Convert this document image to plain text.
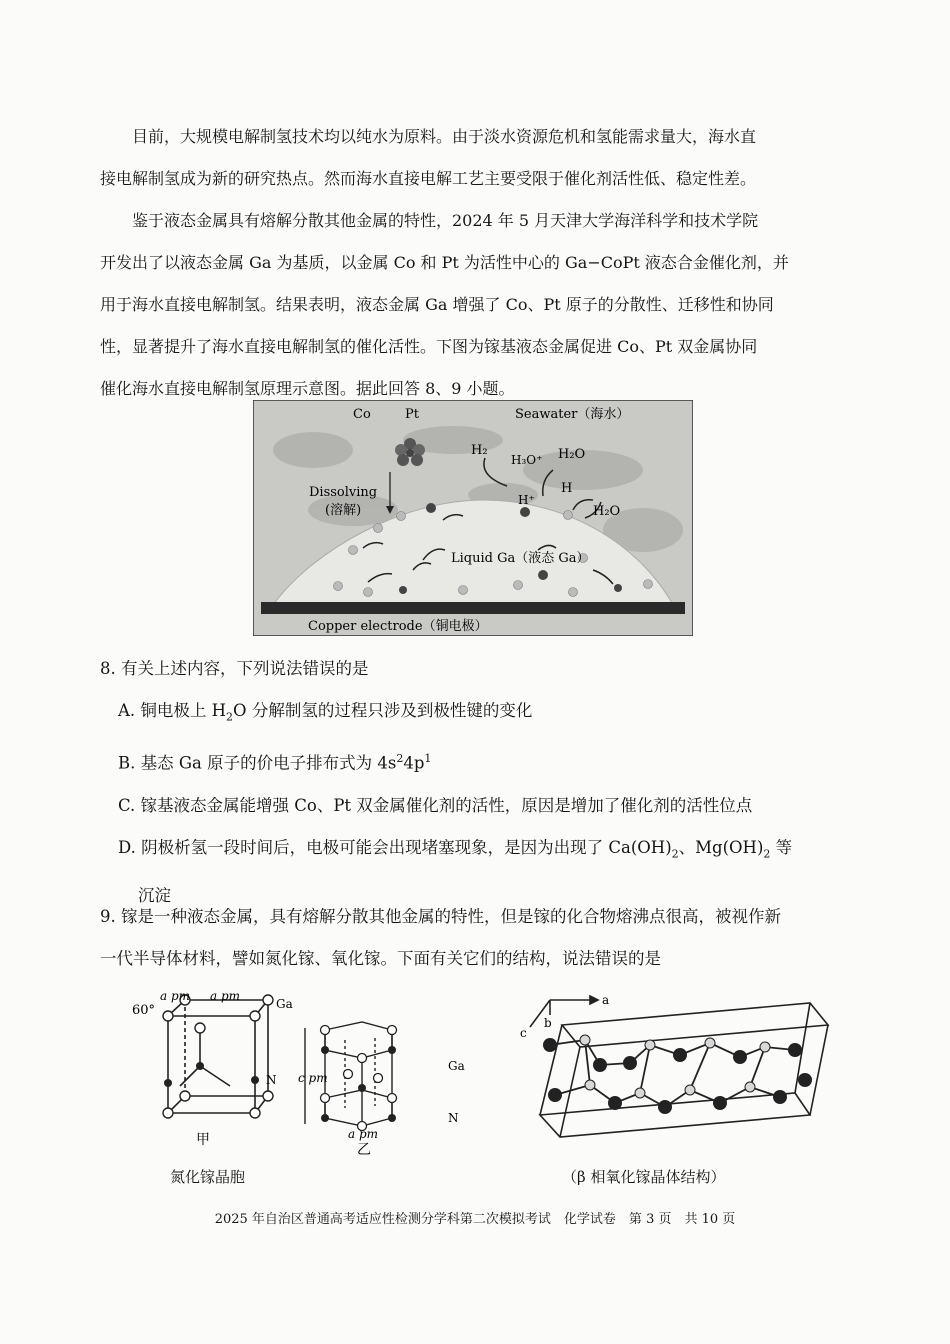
目前，大规模电解制氢技术均以纯水为原料。由于淡水资源危机和氢能需求量大，海水直

接电解制氢成为新的研究热点。然而海水直接电解工艺主要受限于催化剂活性低、稳定性差。

鉴于液态金属具有熔解分散其他金属的特性，2024 年 5 月天津大学海洋科学和技术学院

开发出了以液态金属 Ga 为基质，以金属 Co 和 Pt 为活性中心的 Ga−CoPt 液态合金催化剂，并

用于海水直接电解制氢。结果表明，液态金属 Ga 增强了 Co、Pt 原子的分散性、迁移性和协同

性，显著提升了海水直接电解制氢的催化活性。下图为镓基液态金属促进 Co、Pt 双金属协同

催化海水直接电解制氢原理示意图。据此回答 8、9 小题。

Co	Pt	Seawater（海水）
H₂
H₃O⁺ H₂O
H⁺
H
H₂O
Dissolving
(溶解)
Liquid Ga（液态 Ga）
Copper electrode（铜电极）

8. 有关上述内容，下列说法错误的是

A. 铜电极上 $H_2O$ 分解制氢的过程只涉及到极性键的变化

B. 基态 Ga 原子的价电子排布式为 $4s^24p^1$

C. 镓基液态金属能增强 Co、Pt 双金属催化剂的活性，原因是增加了催化剂的活性位点

D. 阴极析氢一段时间后，电极可能会出现堵塞现象，是因为出现了 $Ca(OH)_2$、$Mg(OH)_2$ 等

沉淀

9. 镓是一种液态金属，具有熔解分散其他金属的特性，但是镓的化合物熔沸点很高，被视作新

一代半导体材料，譬如氮化镓、氧化镓。下面有关它们的结构，说法错误的是

60°
a pm a pm
Ga
N
甲
c pm
Ga
N
a pm
乙
a
b
c
氮化镓晶胞	（β 相氧化镓晶体结构）
2025 年自治区普通高考适应性检测分学科第二次模拟考试　化学试卷　第 3 页　共 10 页
